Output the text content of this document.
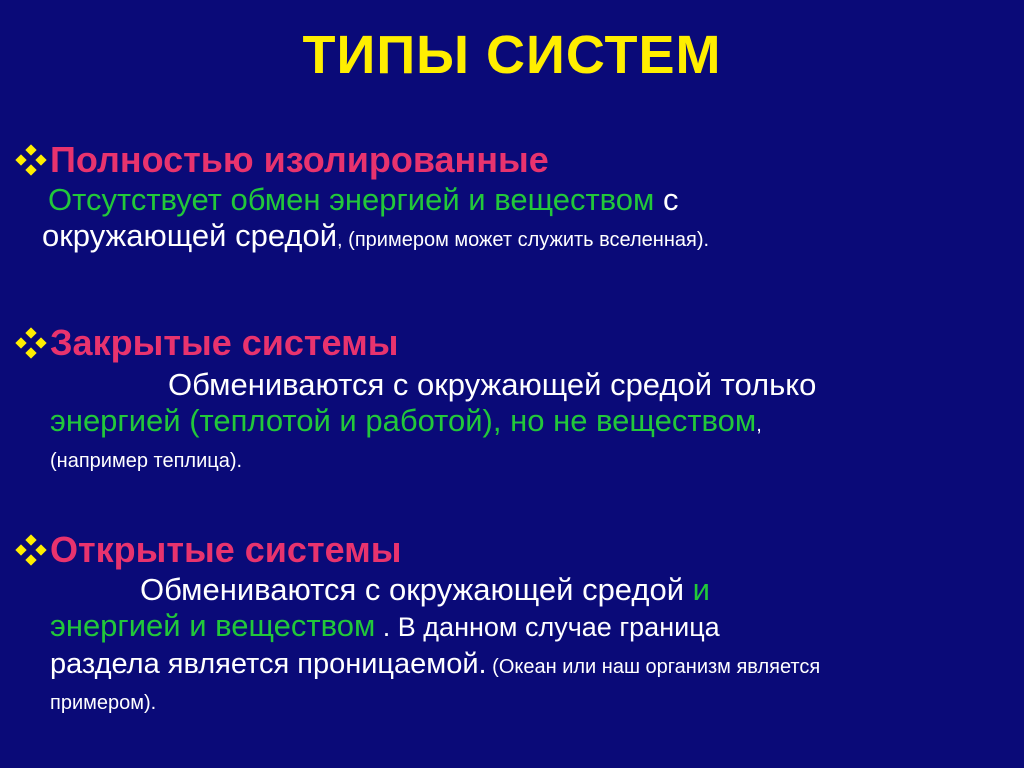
ТИПЫ СИСТЕМ
Полностью изолированные
Отсутствует обмен энергией и веществом с
окружающей средой, (примером может служить вселенная).
Закрытые системы
Обмениваются с окружающей средой только
энергией (теплотой и работой), но не веществом,
(например теплица).
Открытые системы
Обмениваются с окружающей средой и
энергией и веществом . В данном случае граница
раздела является проницаемой. (Океан или наш организм является
примером).
